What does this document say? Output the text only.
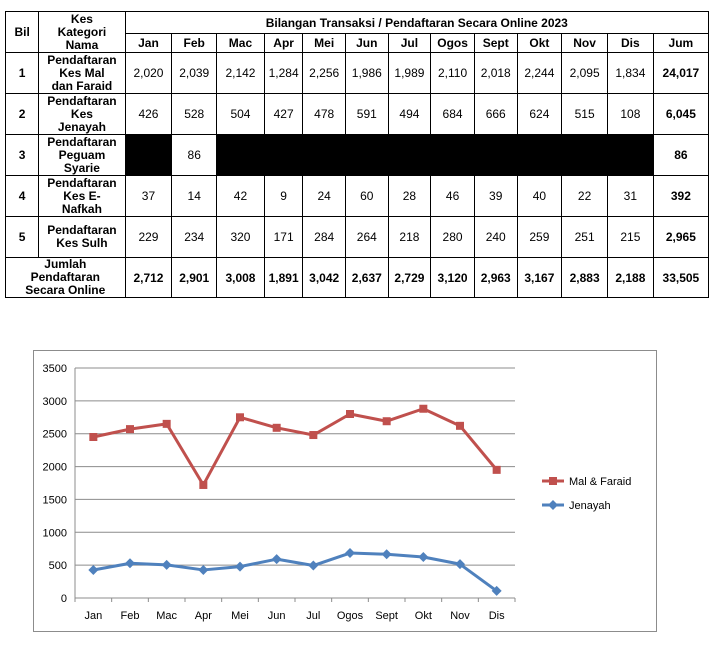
Bil	Kes
Kategori
Nama	Bilangan Transaksi / Pendaftaran Secara Online 2023												
		Jan	Feb	Mac	Apr	Mei	Jun	Jul	Ogos	Sept	Okt	Nov	Dis	Jum
1	Pendaftaran
Kes Mal
dan Faraid	2,020	2,039	2,142	1,284	2,256	1,986	1,989	2,110	2,018	2,244	2,095	1,834	24,017
2	Pendaftaran
Kes
Jenayah	426	528	504	427	478	591	494	684	666	624	515	108	6,045
3	Pendaftaran
Peguam
Syarie		86											86
4	Pendaftaran
Kes E-
Nafkah	37	14	42	9	24	60	28	46	39	40	22	31	392
5	Pendaftaran
Kes Sulh	229	234	320	171	284	264	218	280	240	259	251	215	2,965
Jumlah
Pendaftaran
Secara Online		2,712	2,901	3,008	1,891	3,042	2,637	2,729	3,120	2,963	3,167	2,883	2,188	33,505
0
500
1000
1500
2000
2500
3000
3500
Jan Feb Mac Apr Mei Jun Jul Ogos Sept Okt Nov Dis
Mal & Faraid
Jenayah
